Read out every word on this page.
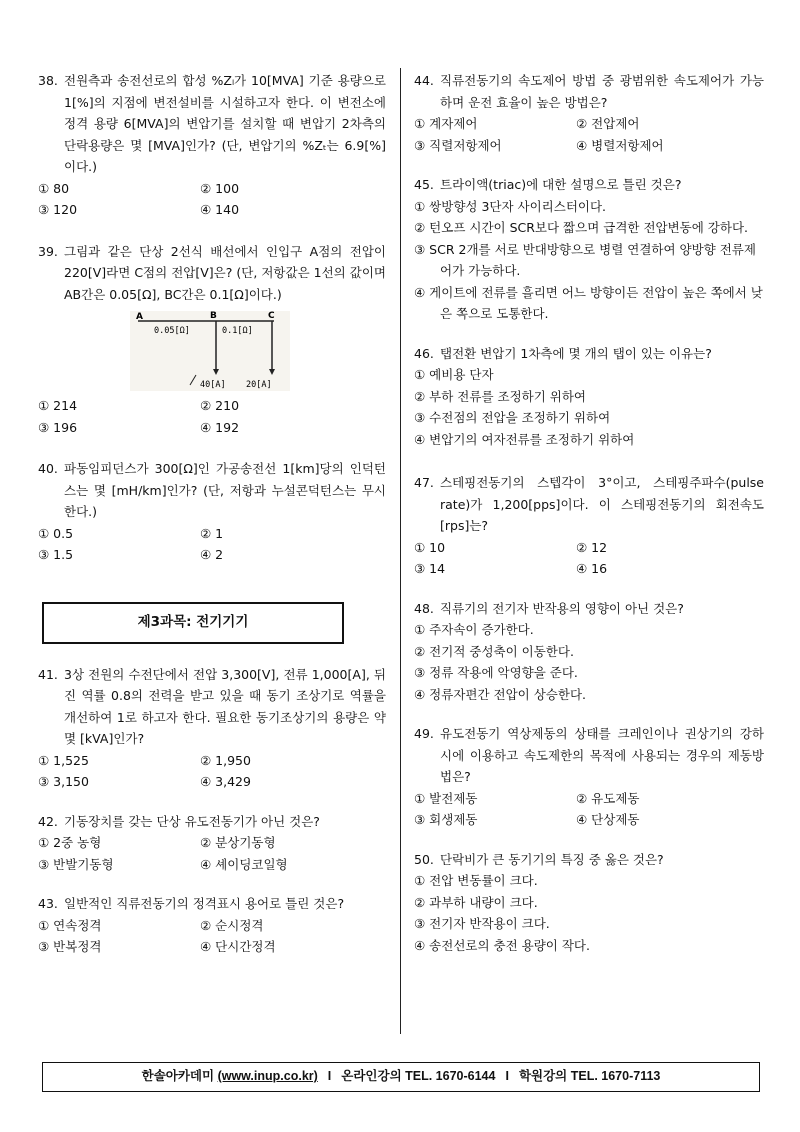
38. 전원측과 송전선로의 합성 %Zₗ가 10[MVA] 기준 용량으로 1[%]의 지점에 변전설비를 시설하고자 한다. 이 변전소에 정격 용량 6[MVA]의 변압기를 설치할 때 변압기 2차측의 단락용량은 몇 [MVA]인가? (단, 변압기의 %Zₜ는 6.9[%]이다.)
① 80	② 100
③ 120	④ 140
39. 그림과 같은 단상 2선식 배선에서 인입구 A점의 전압이 220[V]라면 C점의 전압[V]은? (단, 저항값은 1선의 값이며 AB간은 0.05[Ω], BC간은 0.1[Ω]이다.)
A	B	C
0.05[Ω]	0.1[Ω]
40[A] 20[A]
① 214	② 210
③ 196	④ 192
40. 파동임피던스가 300[Ω]인 가공송전선 1[km]당의 인덕턴스는 몇 [mH/km]인가? (단, 저항과 누설콘덕턴스는 무시한다.)
① 0.5	② 1
③ 1.5	④ 2
제3과목: 전기기기
41. 3상 전원의 수전단에서 전압 3,300[V], 전류 1,000[A], 뒤진 역률 0.8의 전력을 받고 있을 때 동기 조상기로 역률을 개선하여 1로 하고자 한다. 필요한 동기조상기의 용량은 약 몇 [kVA]인가?
① 1,525	② 1,950
③ 3,150	④ 3,429
42. 기동장치를 갖는 단상 유도전동기가 아닌 것은?
① 2중 농형	② 분상기동형
③ 반발기동형	④ 셰이딩코일형
43. 일반적인 직류전동기의 정격표시 용어로 틀린 것은?
① 연속정격	② 순시정격
③ 반복정격	④ 단시간정격
44. 직류전동기의 속도제어 방법 중 광범위한 속도제어가 가능하며 운전 효율이 높은 방법은?
① 계자제어	② 전압제어
③ 직렬저항제어	④ 병렬저항제어
45. 트라이액(triac)에 대한 설명으로 틀린 것은?
① 쌍방향성 3단자 사이리스터이다.
② 턴오프 시간이 SCR보다 짧으며 급격한 전압변동에 강하다.
③ SCR 2개를 서로 반대방향으로 병렬 연결하여 양방향 전류제어가 가능하다.
④ 게이트에 전류를 흘리면 어느 방향이든 전압이 높은 쪽에서 낮은 쪽으로 도통한다.
46. 탭전환 변압기 1차측에 몇 개의 탭이 있는 이유는?
① 예비용 단자
② 부하 전류를 조정하기 위하여
③ 수전점의 전압을 조정하기 위하여
④ 변압기의 여자전류를 조정하기 위하여
47. 스테핑전동기의 스텝각이 3°이고, 스테핑주파수(pulse rate)가 1,200[pps]이다. 이 스테핑전동기의 회전속도[rps]는?
① 10	② 12
③ 14	④ 16
48. 직류기의 전기자 반작용의 영향이 아닌 것은?
① 주자속이 증가한다.
② 전기적 중성축이 이동한다.
③ 정류 작용에 악영향을 준다.
④ 정류자편간 전압이 상승한다.
49. 유도전동기 역상제동의 상태를 크레인이나 권상기의 강하 시에 이용하고 속도제한의 목적에 사용되는 경우의 제동방법은?
① 발전제동	② 유도제동
③ 회생제동	④ 단상제동
50. 단락비가 큰 동기기의 특징 중 옳은 것은?
① 전압 변동률이 크다.
② 과부하 내량이 크다.
③ 전기자 반작용이 크다.
④ 송전선로의 충전 용량이 작다.
한솔아카데미
(www.inup.co.kr) I 온라인강의 TEL. 1670-6144 I 학원강의 TEL. 1670-7113
